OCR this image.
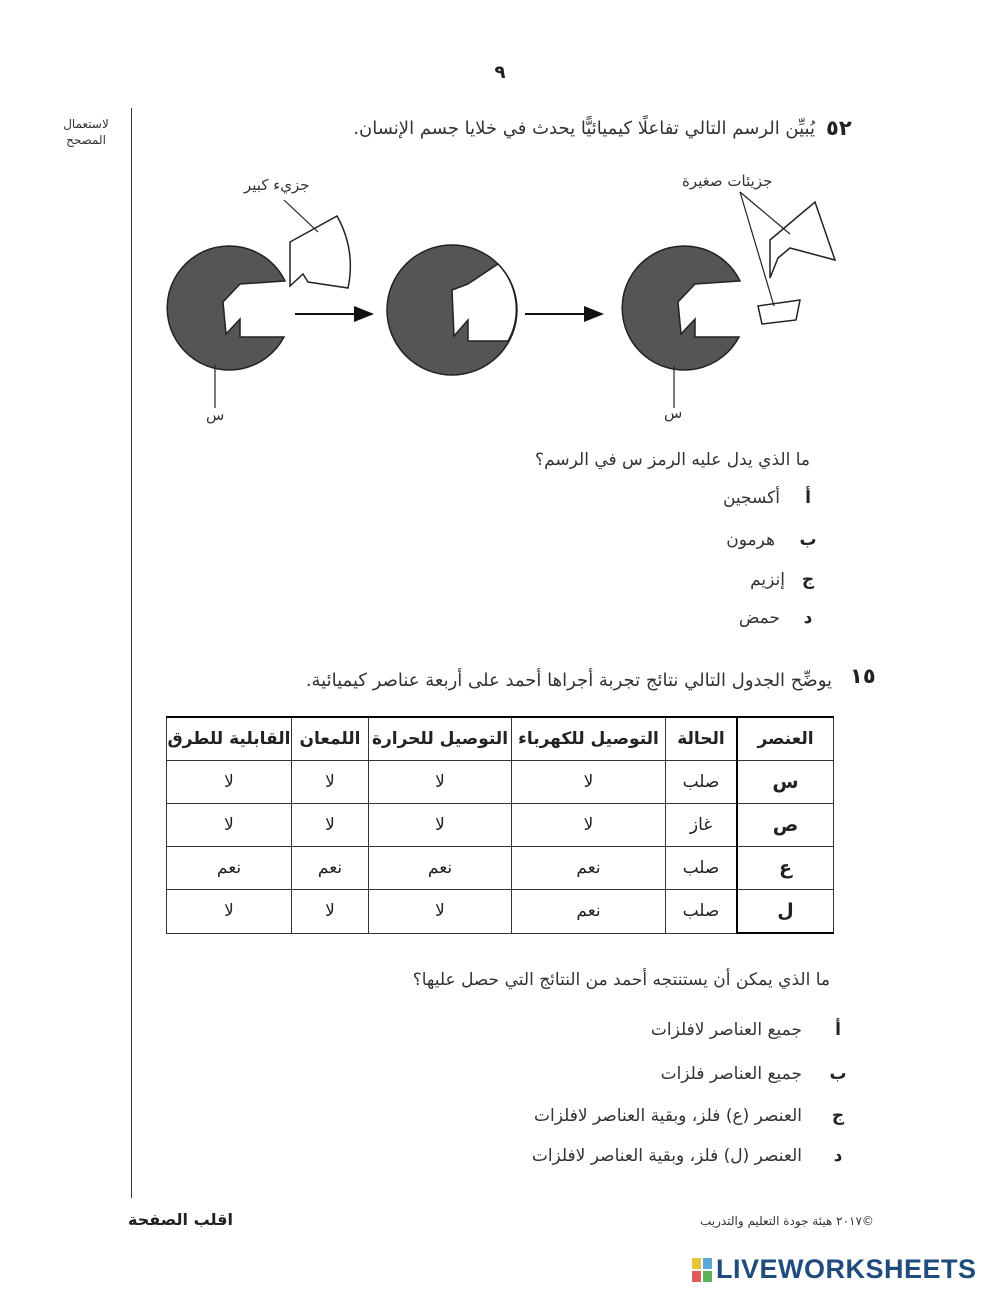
٩
لاستعمال المصحح	٥٢
يُبيِّن الرسم التالي تفاعلًا كيميائيًّا يحدث في خلايا جسم الإنسان.
جزيء كبير	جزيئات صغيرة
س	س
ما الذي يدل عليه الرمز س في الرسم؟
أ
أكسجين
ب
هرمون
ج
إنزيم
د
حمض
١٥
يوضِّح الجدول التالي نتائج تجربة أجراها أحمد على أربعة عناصر كيميائية.
العنصر	الحالة	التوصيل للكهرباء	التوصيل للحرارة	اللمعان	القابلية للطرق
س	صلب	لا	لا	لا	لا
ص	غاز	لا	لا	لا	لا
ع	صلب	نعم	نعم	نعم	نعم
ل	صلب	نعم	لا	لا	لا
ما الذي يمكن أن يستنتجه أحمد من النتائج التي حصل عليها؟
أ
جميع العناصر لافلزات
ب
جميع العناصر فلزات
ج
العنصر (ع) فلز، وبقية العناصر لافلزات
د
العنصر (ل) فلز، وبقية العناصر لافلزات
اقلب الصفحة	©٢٠١٧ هيئة جودة التعليم والتدريب
LIVEWORKSHEETS
